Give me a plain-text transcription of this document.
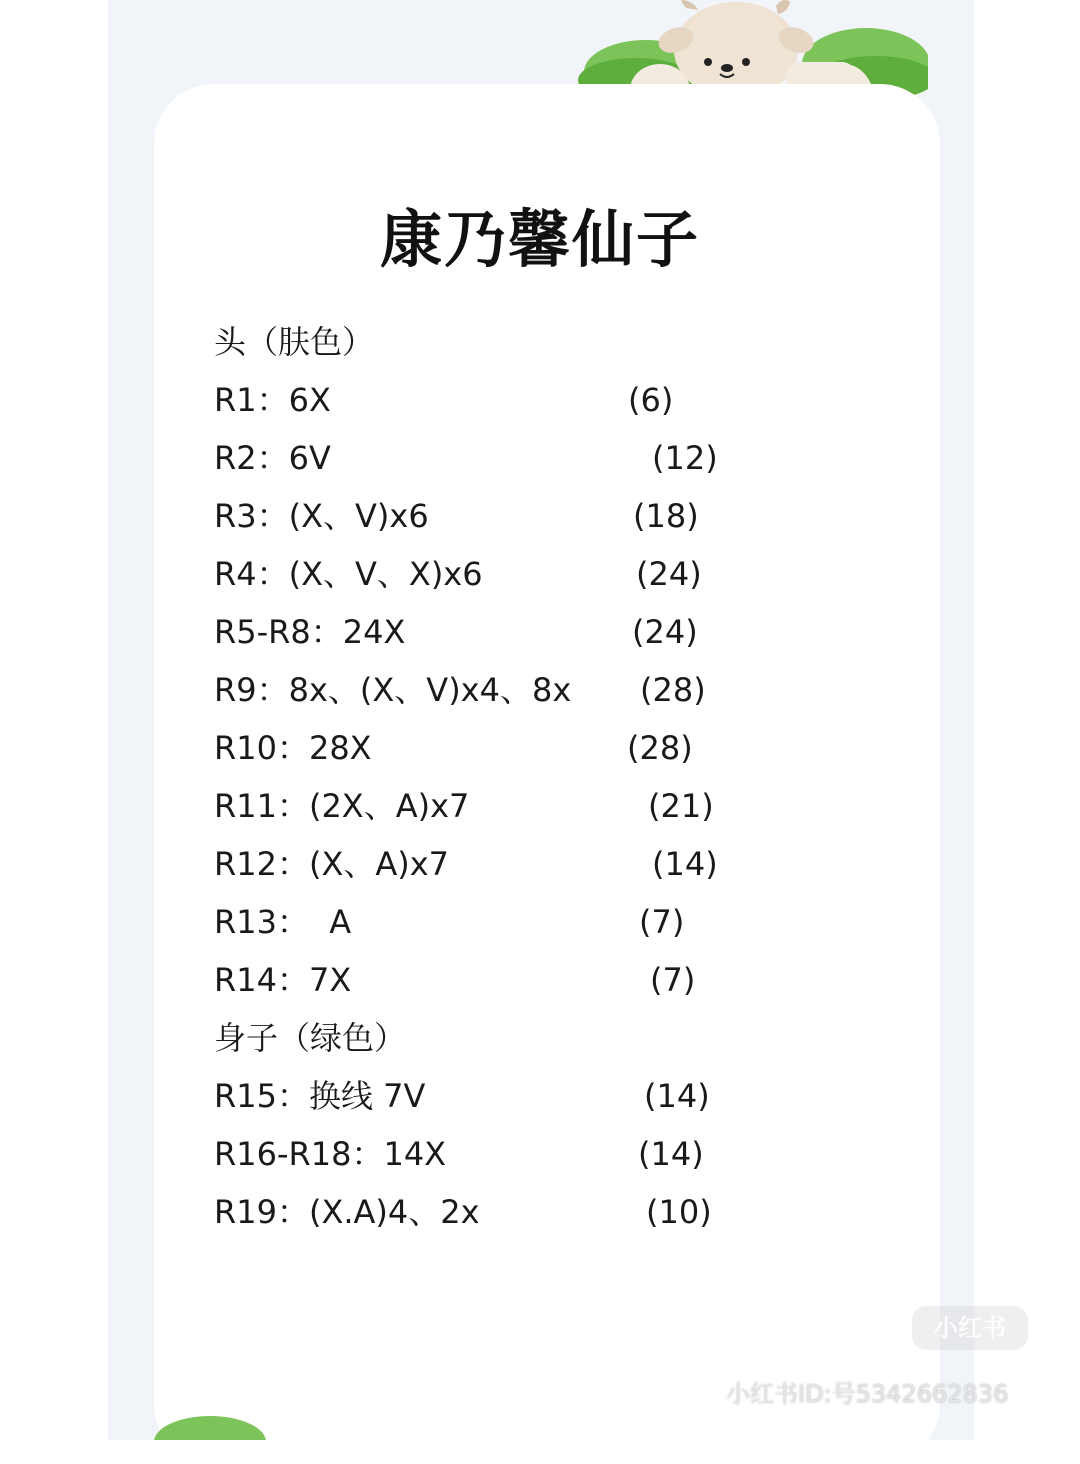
康乃馨仙子
头（肤色）
R1：6X	(6)
R2：6V	(12)
R3：(X、V)x6	(18)
R4：(X、V、X)x6	(24)
R5-R8：24X	(24)
R9：8x、(X、V)x4、8x (28)
R10：28X	(28)
R11：(2X、A)x7	(21)
R12：(X、A)x7	(14)
R13：  A	(7)
R14：7X	(7)
身子（绿色）
R15：换线 7V	(14)
R16-R18：14X	(14)
R19：(X.A)4、2x	(10)
小红书
小红书ID:号5342662836
